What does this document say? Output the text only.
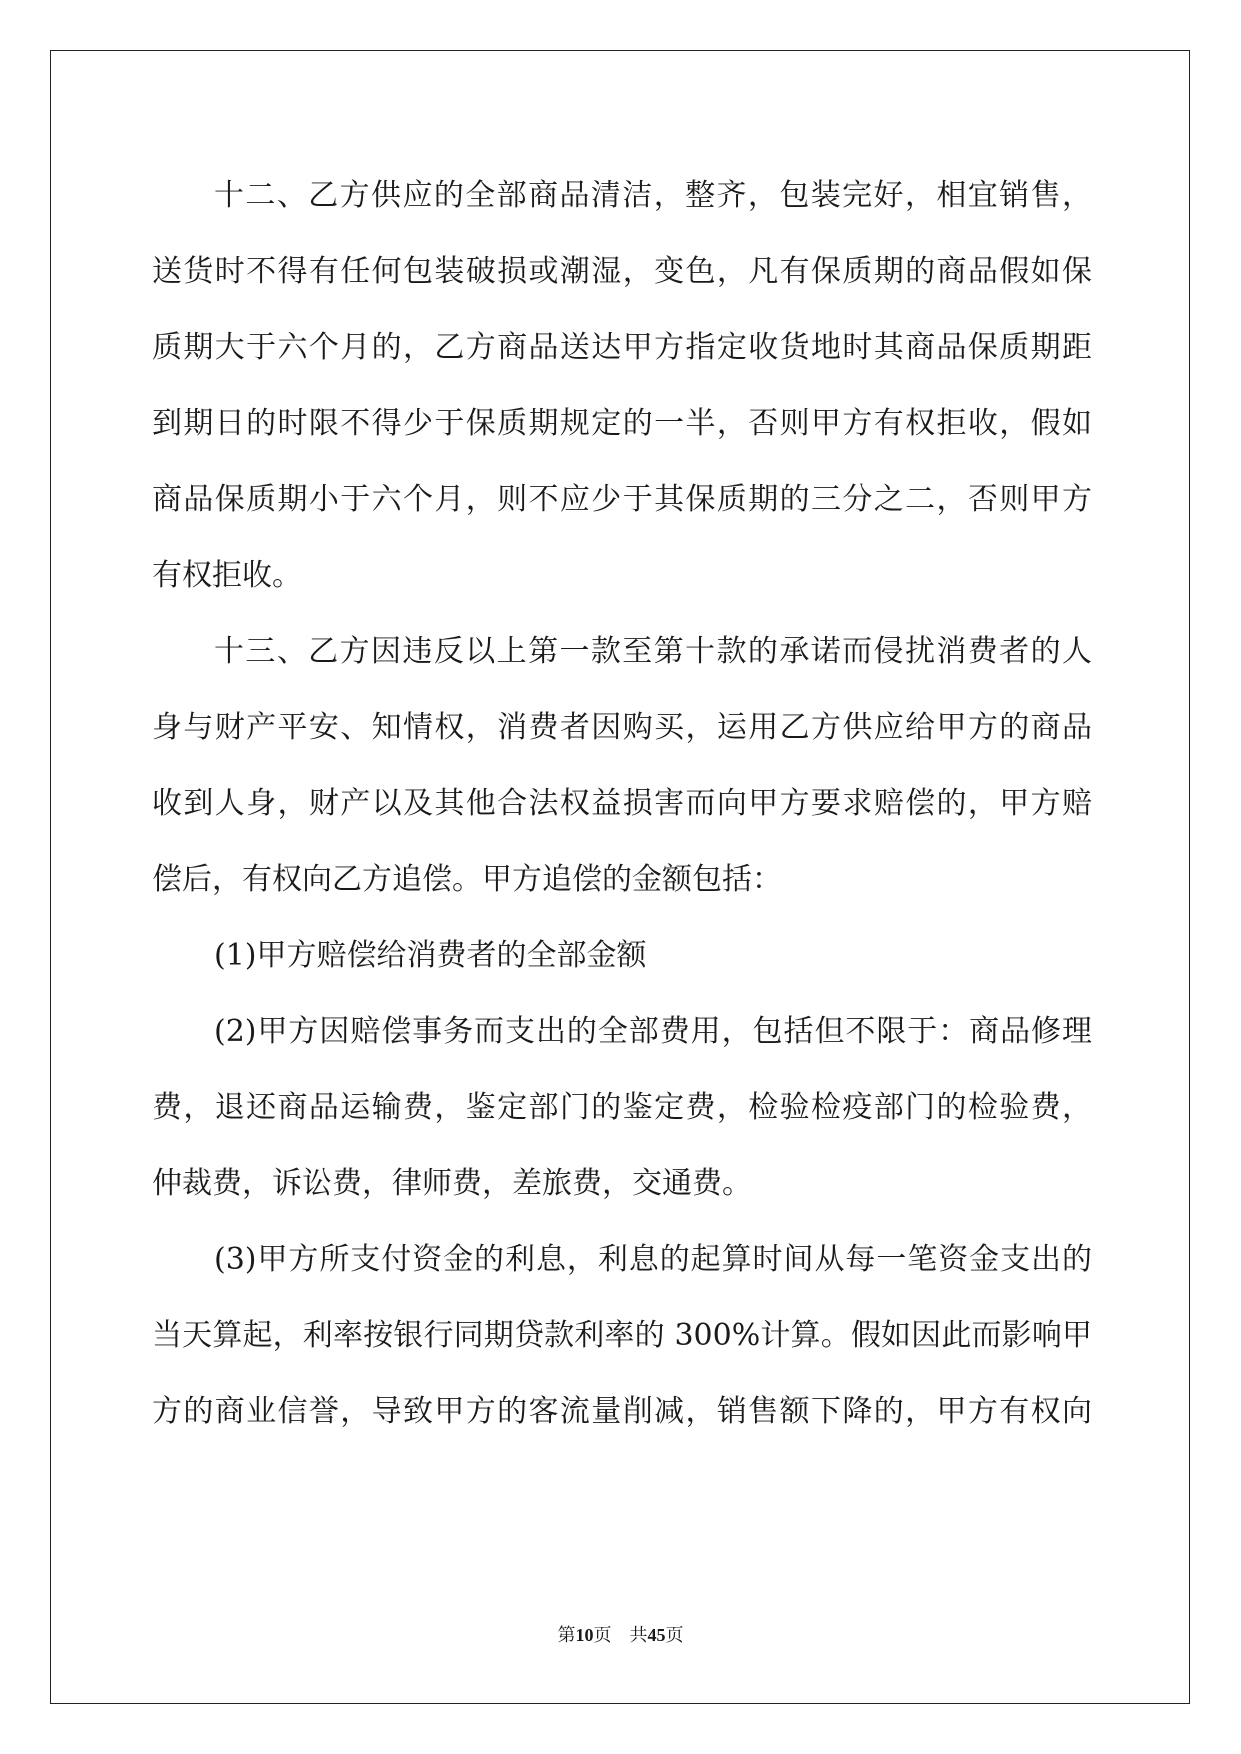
十二、乙方供应的全部商品清洁，整齐，包装完好，相宜销售，
送货时不得有任何包装破损或潮湿，变色，凡有保质期的商品假如保
质期大于六个月的，乙方商品送达甲方指定收货地时其商品保质期距
到期日的时限不得少于保质期规定的一半，否则甲方有权拒收，假如
商品保质期小于六个月，则不应少于其保质期的三分之二，否则甲方
有权拒收。
十三、乙方因违反以上第一款至第十款的承诺而侵扰消费者的人
身与财产平安、知情权，消费者因购买，运用乙方供应给甲方的商品
收到人身，财产以及其他合法权益损害而向甲方要求赔偿的，甲方赔
偿后，有权向乙方追偿。甲方追偿的金额包括：
(1)甲方赔偿给消费者的全部金额
(2)甲方因赔偿事务而支出的全部费用，包括但不限于：商品修理
费，退还商品运输费，鉴定部门的鉴定费，检验检疫部门的检验费，
仲裁费，诉讼费，律师费，差旅费，交通费。
(3)甲方所支付资金的利息，利息的起算时间从每一笔资金支出的
当天算起，利率按银行同期贷款利率的 300%计算。假如因此而影响甲
方的商业信誉，导致甲方的客流量削减，销售额下降的，甲方有权向
第10页 共45页
